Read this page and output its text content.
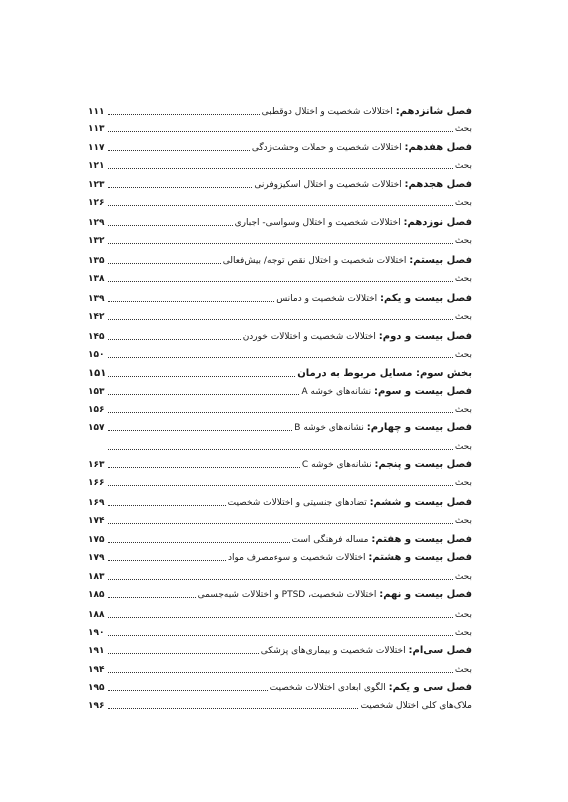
فصل شانزدهم: اختلالات شخصیت و اختلال دوقطبی
۱۱۱
بحث
۱۱۳
فصل هفدهم: اختلالات شخصیت و حملات وحشت‌زدگی
۱۱۷
بحث
۱۲۱
فصل هجدهم: اختلالات شخصیت و اختلال اسکیزوفرنی
۱۲۳
بحث
۱۲۶
فصل نوزدهم: اختلالات شخصیت و اختلال وسواسی- اجباری
۱۲۹
بحث
۱۳۲
فصل بیستم: اختلالات شخصیت و اختلال نقص توجه/ بیش‌فعالی
۱۳۵
بحث
۱۳۸
فصل بیست و یکم: اختلالات شخصیت و دمانس
۱۳۹
بحث
۱۴۲
فصل بیست و دوم: اختلالات شخصیت و اختلالات خوردن
۱۴۵
بحث
۱۵۰
بخش سوم: مسایل مربوط به درمان
۱۵۱
فصل بیست و سوم: نشانه‌های خوشه A
۱۵۳
بحث
۱۵۶
فصل بیست و چهارم: نشانه‌های خوشه B
۱۵۷
بحث
فصل بیست و پنجم: نشانه‌های خوشه C
۱۶۳
بحث
۱۶۶
فصل بیست و ششم: تضادهای جنسیتی و اختلالات شخصیت
۱۶۹
بحث
۱۷۴
فصل بیست و هفتم: مساله فرهنگی است
۱۷۵
فصل بیست و هشتم: اختلالات شخصیت و سوءمصرف مواد
۱۷۹
بحث
۱۸۳
فصل بیست و نهم: اختلالات شخصیت، PTSD و اختلالات شبه‌جسمی
۱۸۵
بحث
۱۸۸
بحث
۱۹۰
فصل سی‌ام: اختلالات شخصیت و بیماری‌های پزشکی
۱۹۱
بحث
۱۹۴
فصل سی و یکم: الگوی ابعادی اختلالات شخصیت
۱۹۵
ملاک‌های کلی اختلال شخصیت
۱۹۶
